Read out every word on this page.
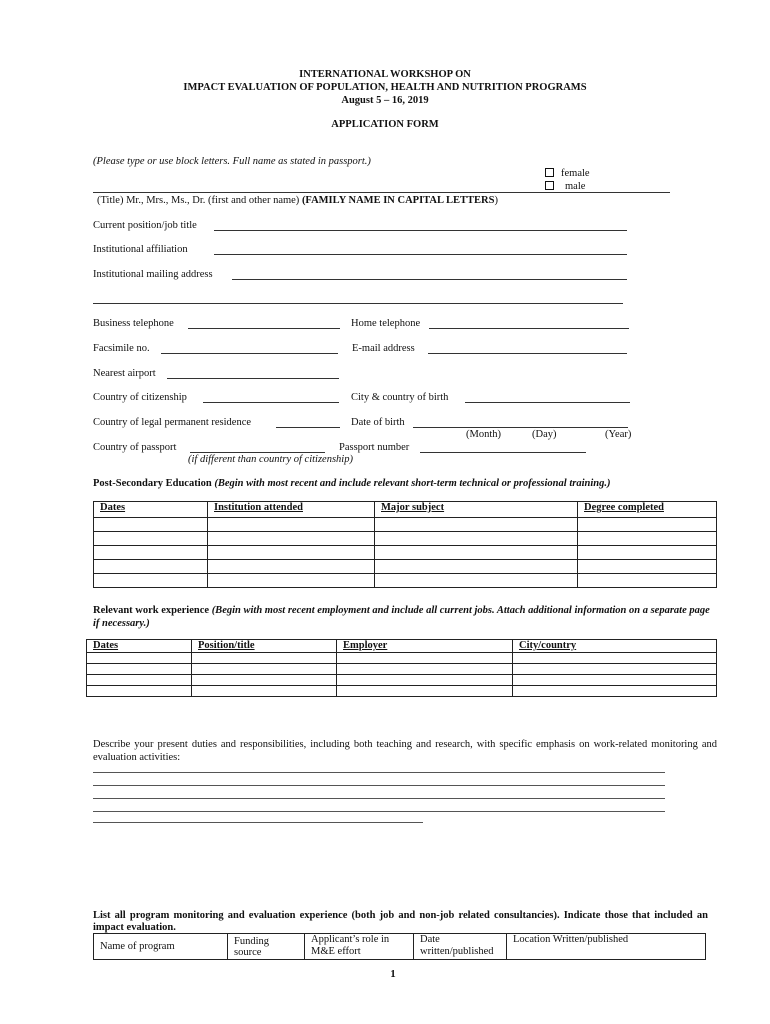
INTERNATIONAL WORKSHOP ON
IMPACT EVALUATION OF POPULATION, HEALTH AND NUTRITION PROGRAMS
August 5 – 16, 2019
APPLICATION FORM
(Please type or use block letters. Full name as stated in passport.)
female
male
(Title) Mr., Mrs., Ms., Dr. (first and other name) (FAMILY NAME IN CAPITAL LETTERS)
Current position/job title
Institutional affiliation
Institutional mailing address
Business telephone	Home telephone
Facsimile no.	E-mail address
Nearest airport
Country of citizenship	City & country of birth
Country of legal permanent residence	Date of birth
(Month)	(Day)	(Year)
Country of passport	Passport number
(if different than country of citizenship)
Post-Secondary Education (Begin with most recent and include relevant short-term technical or professional training.)
Dates	Institution attended	Major subject	Degree completed

Relevant work experience (Begin with most recent employment and include all current jobs. Attach additional information on a separate page if necessary.)
Dates	Position/title	Employer	City/country

Describe your present duties and responsibilities, including both teaching and research, with specific emphasis on work-related monitoring and evaluation activities:
List all program monitoring and evaluation experience (both job and non-job related consultancies). Indicate those that included an impact evaluation.
Name of program	Funding source	Applicant’s role in M&E effort	Date written/published	Location Written/published
1
